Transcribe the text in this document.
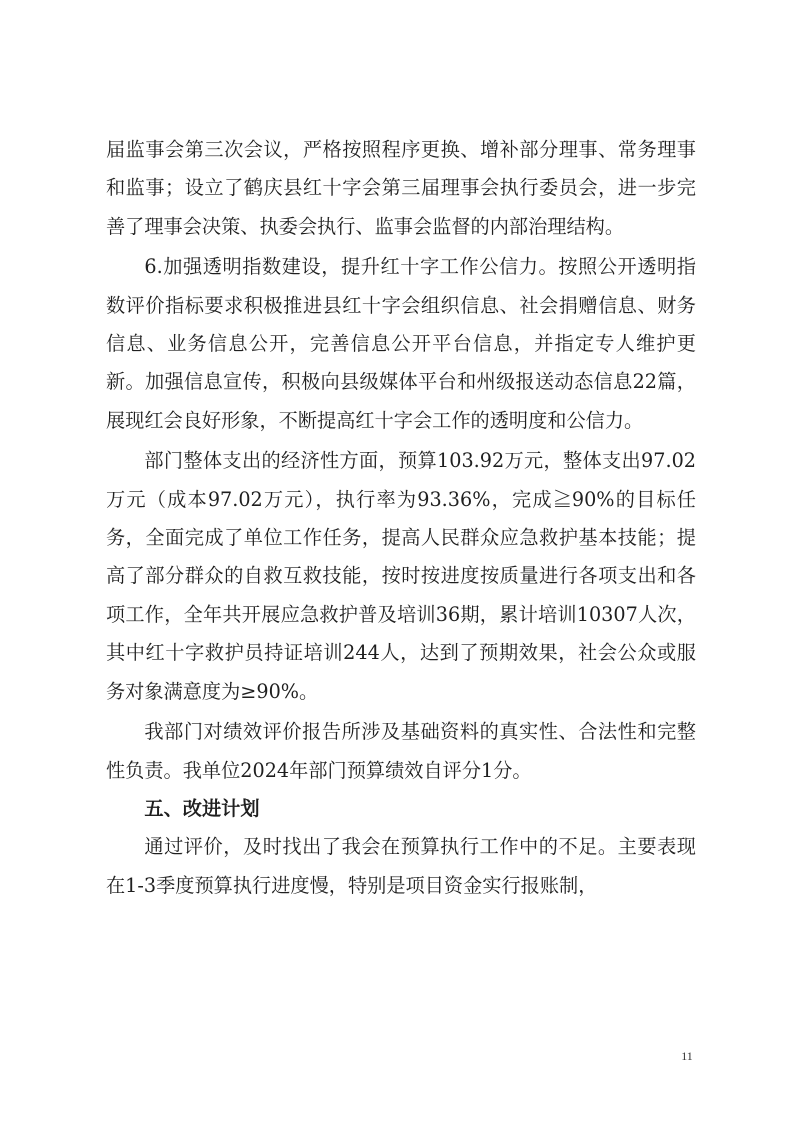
届监事会第三次会议，严格按照程序更换、增补部分理事、常务理事和监事；设立了鹤庆县红十字会第三届理事会执行委员会，进一步完善了理事会决策、执委会执行、监事会监督的内部治理结构。

6.加强透明指数建设，提升红十字工作公信力。按照公开透明指数评价指标要求积极推进县红十字会组织信息、社会捐赠信息、财务信息、业务信息公开，完善信息公开平台信息，并指定专人维护更新。加强信息宣传，积极向县级媒体平台和州级报送动态信息22篇，展现红会良好形象，不断提高红十字会工作的透明度和公信力。

部门整体支出的经济性方面，预算103.92万元，整体支出97.02万元（成本97.02万元），执行率为93.36%，完成≧90%的目标任务，全面完成了单位工作任务，提高人民群众应急救护基本技能；提高了部分群众的自救互救技能，按时按进度按质量进行各项支出和各项工作，全年共开展应急救护普及培训36期，累计培训10307人次，其中红十字救护员持证培训244人，达到了预期效果，社会公众或服务对象满意度为≥90%。

我部门对绩效评价报告所涉及基础资料的真实性、合法性和完整性负责。我单位2024年部门预算绩效自评分1分。

五、改进计划

通过评价，及时找出了我会在预算执行工作中的不足。主要表现在1-3季度预算执行进度慢，特别是项目资金实行报账制，

11
